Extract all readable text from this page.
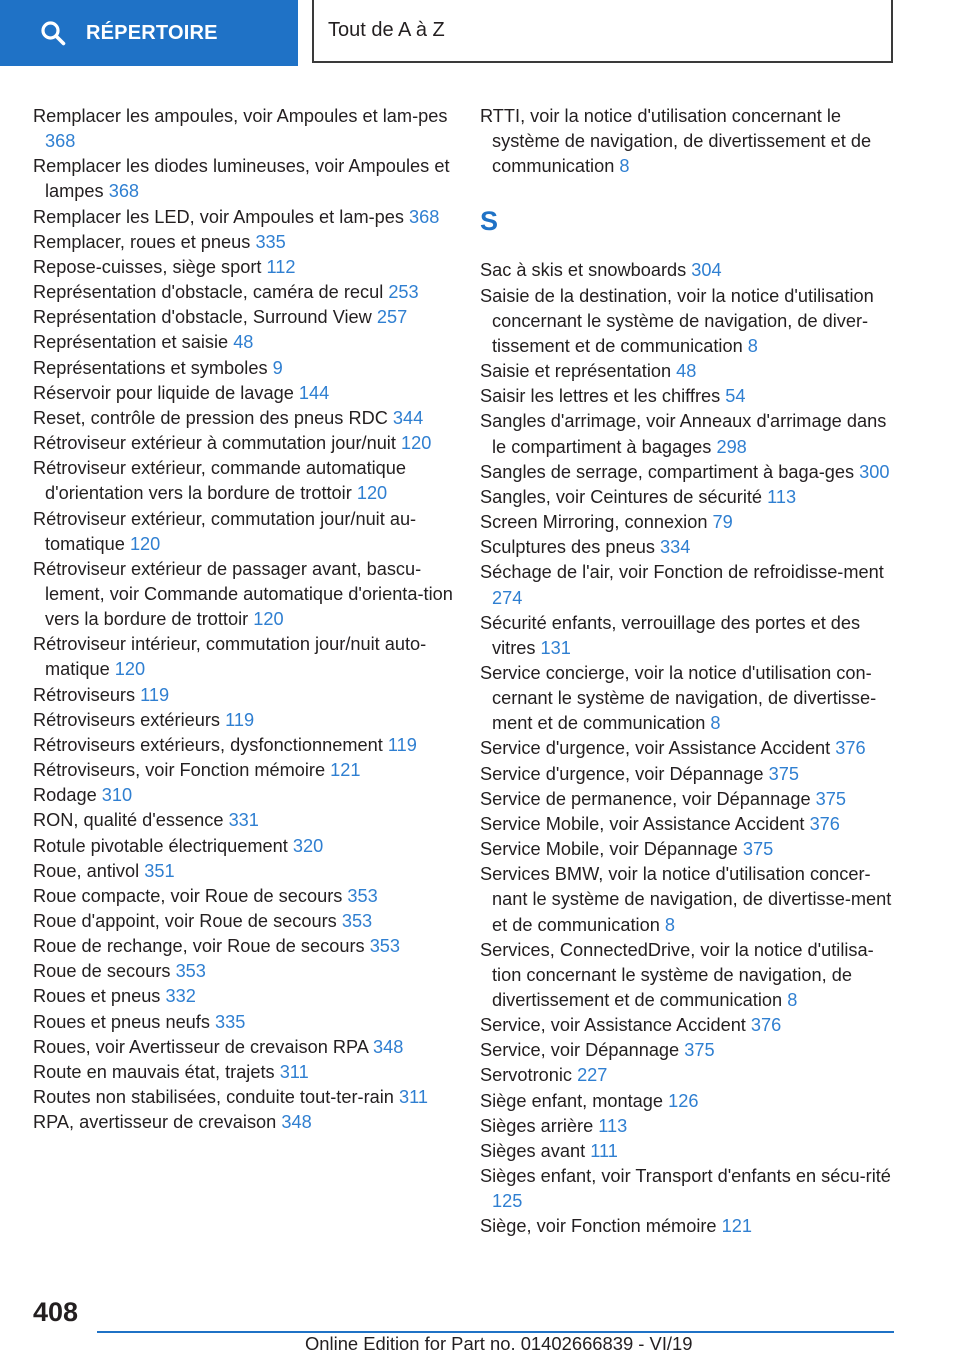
RÉPERTOIRE	Tout de A à Z
Remplacer les ampoules, voir Ampoules et lam‐pes 368
Remplacer les diodes lumineuses, voir Ampoules et lampes 368
Remplacer les LED, voir Ampoules et lam‐pes 368
Remplacer, roues et pneus 335
Repose-cuisses, siège sport 112
Représentation d'obstacle, caméra de recul 253
Représentation d'obstacle, Surround View 257
Représentation et saisie 48
Représentations et symboles 9
Réservoir pour liquide de lavage 144
Reset, contrôle de pression des pneus RDC 344
Rétroviseur extérieur à commutation jour/nuit 120
Rétroviseur extérieur, commande automatique d'orientation vers la bordure de trottoir 120
Rétroviseur extérieur, commutation jour/nuit au‐tomatique 120
Rétroviseur extérieur de passager avant, bascu‐lement, voir Commande automatique d'orienta‐tion vers la bordure de trottoir 120
Rétroviseur intérieur, commutation jour/nuit auto‐matique 120
Rétroviseurs 119
Rétroviseurs extérieurs 119
Rétroviseurs extérieurs, dysfonctionnement 119
Rétroviseurs, voir Fonction mémoire 121
Rodage 310
RON, qualité d'essence 331
Rotule pivotable électriquement 320
Roue, antivol 351
Roue compacte, voir Roue de secours 353
Roue d'appoint, voir Roue de secours 353
Roue de rechange, voir Roue de secours 353
Roue de secours 353
Roues et pneus 332
Roues et pneus neufs 335
Roues, voir Avertisseur de crevaison RPA 348
Route en mauvais état, trajets 311
Routes non stabilisées, conduite tout-ter‐rain 311
RPA, avertisseur de crevaison 348
RTTI, voir la notice d'utilisation concernant le système de navigation, de divertissement et de communication 8
S
Sac à skis et snowboards 304
Saisie de la destination, voir la notice d'utilisation concernant le système de navigation, de diver‐tissement et de communication 8
Saisie et représentation 48
Saisir les lettres et les chiffres 54
Sangles d'arrimage, voir Anneaux d'arrimage dans le compartiment à bagages 298
Sangles de serrage, compartiment à baga‐ges 300
Sangles, voir Ceintures de sécurité 113
Screen Mirroring, connexion 79
Sculptures des pneus 334
Séchage de l'air, voir Fonction de refroidisse‐ment 274
Sécurité enfants, verrouillage des portes et des vitres 131
Service concierge, voir la notice d'utilisation con‐cernant le système de navigation, de divertisse‐ment et de communication 8
Service d'urgence, voir Assistance Accident 376
Service d'urgence, voir Dépannage 375
Service de permanence, voir Dépannage 375
Service Mobile, voir Assistance Accident 376
Service Mobile, voir Dépannage 375
Services BMW, voir la notice d'utilisation concer‐nant le système de navigation, de divertisse‐ment et de communication 8
Services, ConnectedDrive, voir la notice d'utilisa‐tion concernant le système de navigation, de divertissement et de communication 8
Service, voir Assistance Accident 376
Service, voir Dépannage 375
Servotronic 227
Siège enfant, montage 126
Sièges arrière 113
Sièges avant 111
Sièges enfant, voir Transport d'enfants en sécu‐rité 125
Siège, voir Fonction mémoire 121
408
Online Edition for Part no. 01402666839 - VI/19
